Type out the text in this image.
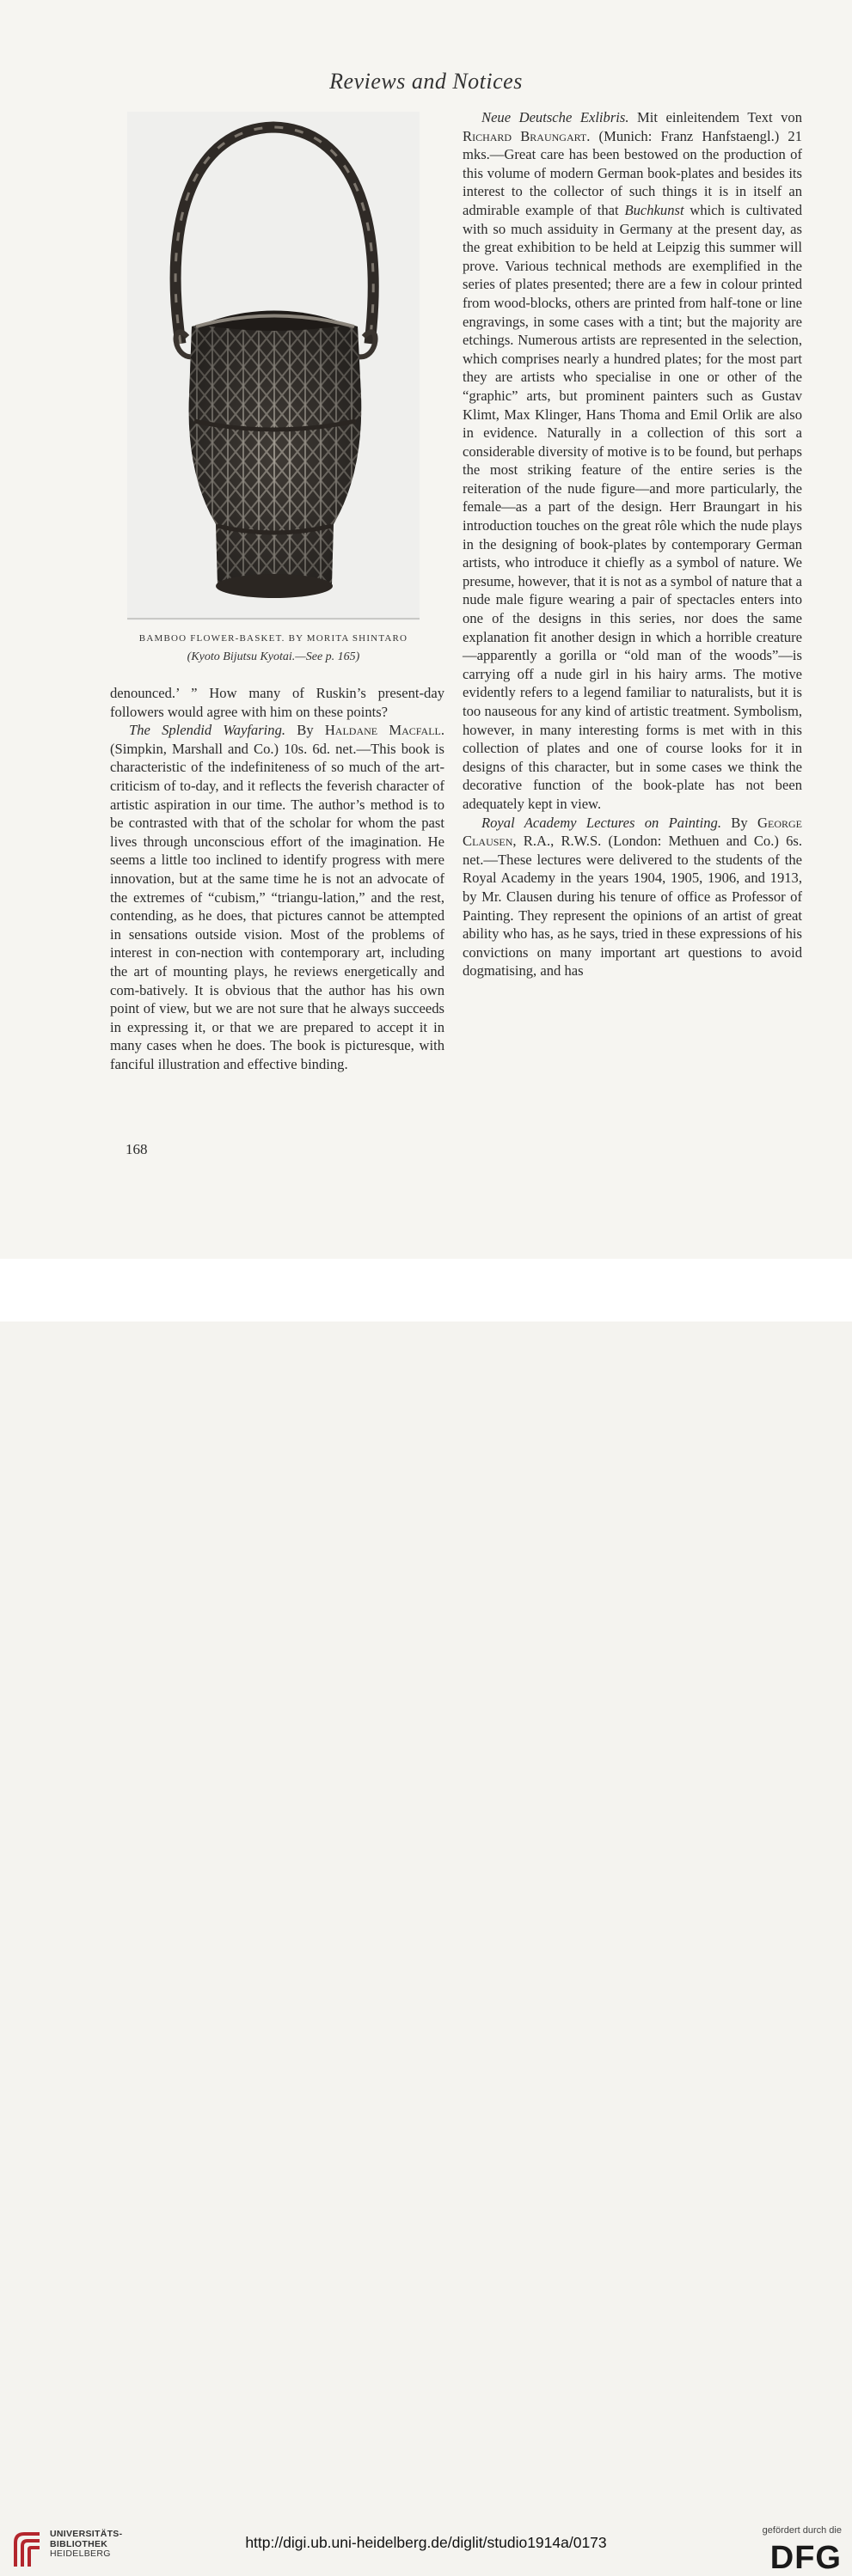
Reviews and Notices
BAMBOO FLOWER-BASKET. BY MORITA SHINTARO
(Kyoto Bijutsu Kyotai.—See p. 165)

denounced.’ ” How many of Ruskin’s present-day followers would agree with him on these points?

The Splendid Wayfaring. By Haldane Macfall. (Simpkin, Marshall and Co.) 10s. 6d. net.—This book is characteristic of the indefiniteness of so much of the art-criticism of to-day, and it reflects the feverish character of artistic aspiration in our time. The author’s method is to be contrasted with that of the scholar for whom the past lives through unconscious effort of the imagination. He seems a little too inclined to identify progress with mere innovation, but at the same time he is not an advocate of the extremes of “cubism,” “triangu-lation,” and the rest, contending, as he does, that pictures cannot be attempted in sensations outside vision. Most of the problems of interest in con-nection with contemporary art, including the art of mounting plays, he reviews energetically and com-batively. It is obvious that the author has his own point of view, but we are not sure that he always succeeds in expressing it, or that we are prepared to accept it in many cases when he does. The book is picturesque, with fanciful illustration and effective binding.

Neue Deutsche Exlibris. Mit einleitendem Text von Richard Braungart. (Munich: Franz Hanfstaengl.) 21 mks.—Great care has been bestowed on the production of this volume of modern German book-plates and besides its interest to the collector of such things it is in itself an admirable example of that Buchkunst which is cultivated with so much assiduity in Germany at the present day, as the great exhibition to be held at Leipzig this summer will prove. Various technical methods are exemplified in the series of plates presented; there are a few in colour printed from wood-blocks, others are printed from half-tone or line engravings, in some cases with a tint; but the majority are etchings. Numerous artists are represented in the selection, which comprises nearly a hundred plates; for the most part they are artists who specialise in one or other of the “graphic” arts, but prominent painters such as Gustav Klimt, Max Klinger, Hans Thoma and Emil Orlik are also in evidence. Naturally in a collection of this sort a considerable diversity of motive is to be found, but perhaps the most striking feature of the entire series is the reiteration of the nude figure—and more particularly, the female—as a part of the design. Herr Braungart in his introduction touches on the great rôle which the nude plays in the designing of book-plates by contemporary German artists, who introduce it chiefly as a symbol of nature. We presume, however, that it is not as a symbol of nature that a nude male figure wearing a pair of spectacles enters into one of the designs in this series, nor does the same explanation fit another design in which a horrible creature—apparently a gorilla or “old man of the woods”—is carrying off a nude girl in his hairy arms. The motive evidently refers to a legend familiar to naturalists, but it is too nauseous for any kind of artistic treatment. Symbolism, however, in many interesting forms is met with in this collection of plates and one of course looks for it in designs of this character, but in some cases we think the decorative function of the book-plate has not been adequately kept in view.

Royal Academy Lectures on Painting. By George Clausen, R.A., R.W.S. (London: Methuen and Co.) 6s. net.—These lectures were delivered to the students of the Royal Academy in the years 1904, 1905, 1906, and 1913, by Mr. Clausen during his tenure of office as Professor of Painting. They represent the opinions of an artist of great ability who has, as he says, tried in these expressions of his convictions on many important art questions to avoid dogmatising, and has

168
UNIVERSITÄTS-
BIBLIOTHEK
HEIDELBERG
http://digi.ub.uni-heidelberg.de/diglit/studio1914a/0173
gefördert durch die
DFG
